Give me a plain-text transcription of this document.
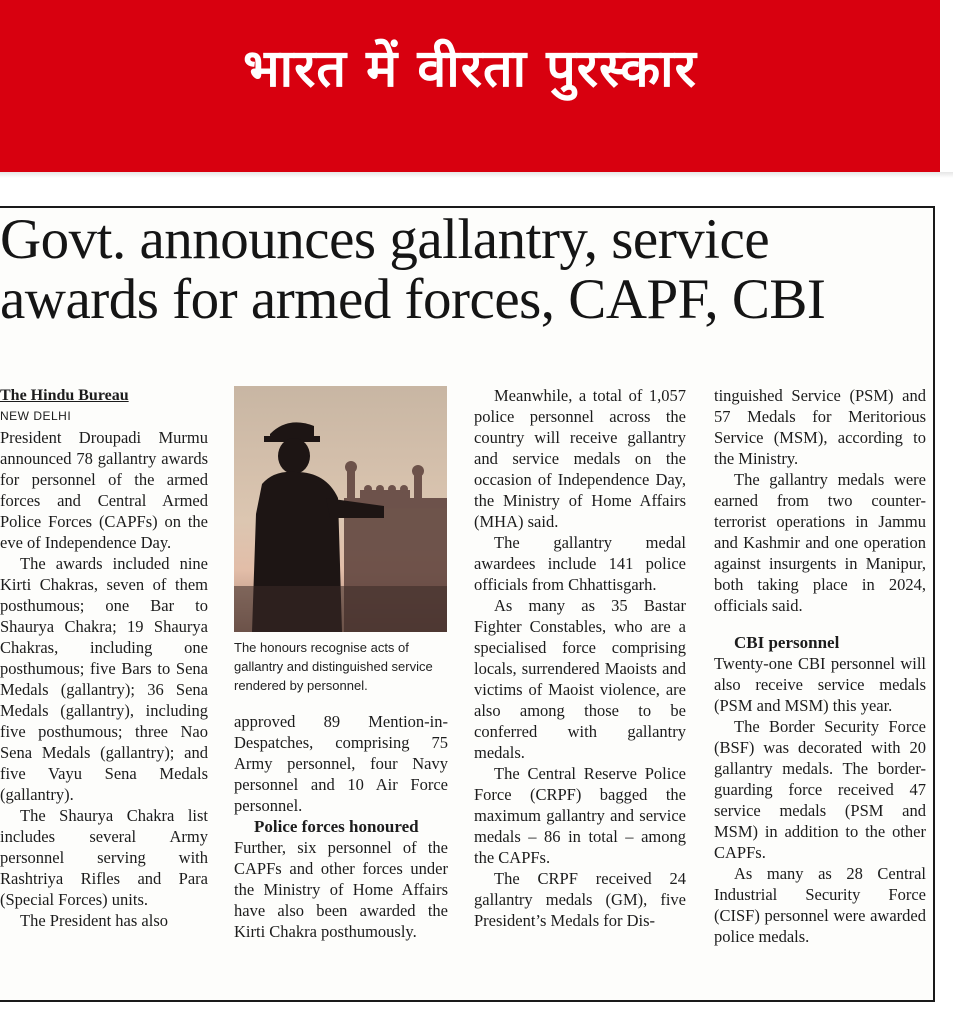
भारत में वीरता पुरस्कार
Govt. announces gallantry, service
awards for armed forces, CAPF, CBI

The Hindu Bureau

NEW DELHI

President Droupadi Murmu announced 78 gallantry awards for personnel of the armed forces and Central Armed Police Forces (CAPFs) on the eve of Independence Day.

The awards included nine Kirti Chakras, seven of them posthumous; one Bar to Shaurya Chakra; 19 Shaurya Chakras, including one posthumous; five Bars to Sena Medals (gallantry); 36 Sena Medals (gallantry), including five posthumous; three Nao Sena Medals (gallantry); and five Vayu Sena Medals (gallantry).

The Shaurya Chakra list includes several Army personnel serving with Rashtriya Rifles and Para (Special Forces) units.

The President has also

The honours recognise acts of gallantry and distinguished service rendered by personnel.

approved 89 Mention-in-Despatches, comprising 75 Army personnel, four Navy personnel and 10 Air Force personnel.

Police forces honoured

Further, six personnel of the CAPFs and other forces under the Ministry of Home Affairs have also been awarded the Kirti Chakra posthumously.

Meanwhile, a total of 1,057 police personnel across the country will receive gallantry and service medals on the occasion of Independence Day, the Ministry of Home Affairs (MHA) said.

The gallantry medal awardees include 141 police officials from Chhattisgarh.

As many as 35 Bastar Fighter Constables, who are a specialised force comprising locals, surrendered Maoists and victims of Maoist violence, are also among those to be conferred with gallantry medals.

The Central Reserve Police Force (CRPF) bagged the maximum gallantry and service medals – 86 in total – among the CAPFs.

The CRPF received 24 gallantry medals (GM), five President’s Medals for Dis-

tinguished Service (PSM) and 57 Medals for Meritorious Service (MSM), according to the Ministry.

The gallantry medals were earned from two counter-terrorist operations in Jammu and Kashmir and one operation against insurgents in Manipur, both taking place in 2024, officials said.

CBI personnel

Twenty-one CBI personnel will also receive service medals (PSM and MSM) this year.

The Border Security Force (BSF) was decorated with 20 gallantry medals. The border-guarding force received 47 service medals (PSM and MSM) in addition to the other CAPFs.

As many as 28 Central Industrial Security Force (CISF) personnel were awarded police medals.
